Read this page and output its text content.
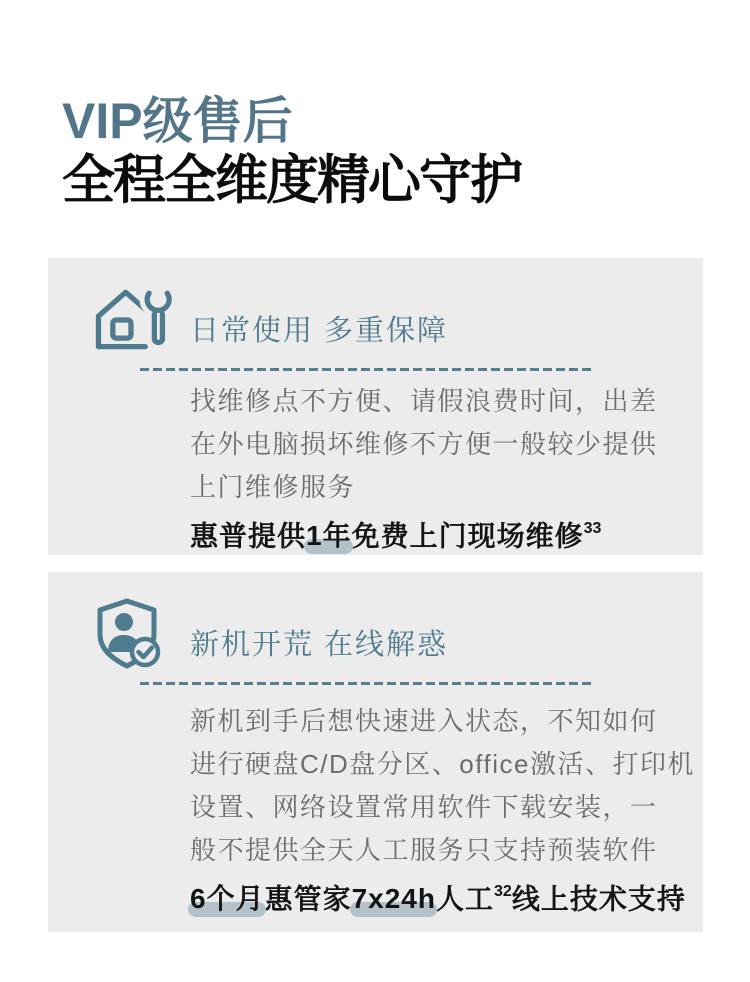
VIP级售后
全程全维度精心守护
日常使用 多重保障
找维修点不方便、请假浪费时间，出差
在外电脑损坏维修不方便一般较少提供
上门维修服务
惠普提供1年免费上门现场维修$^{33}$
新机开荒 在线解惑
新机到手后想快速进入状态，不知如何
进行硬盘C/D盘分区、office激活、打印机
设置、网络设置常用软件下载安装，一
般不提供全天人工服务只支持预装软件
6个月惠管家7x24h人工$^{32}$线上技术支持
